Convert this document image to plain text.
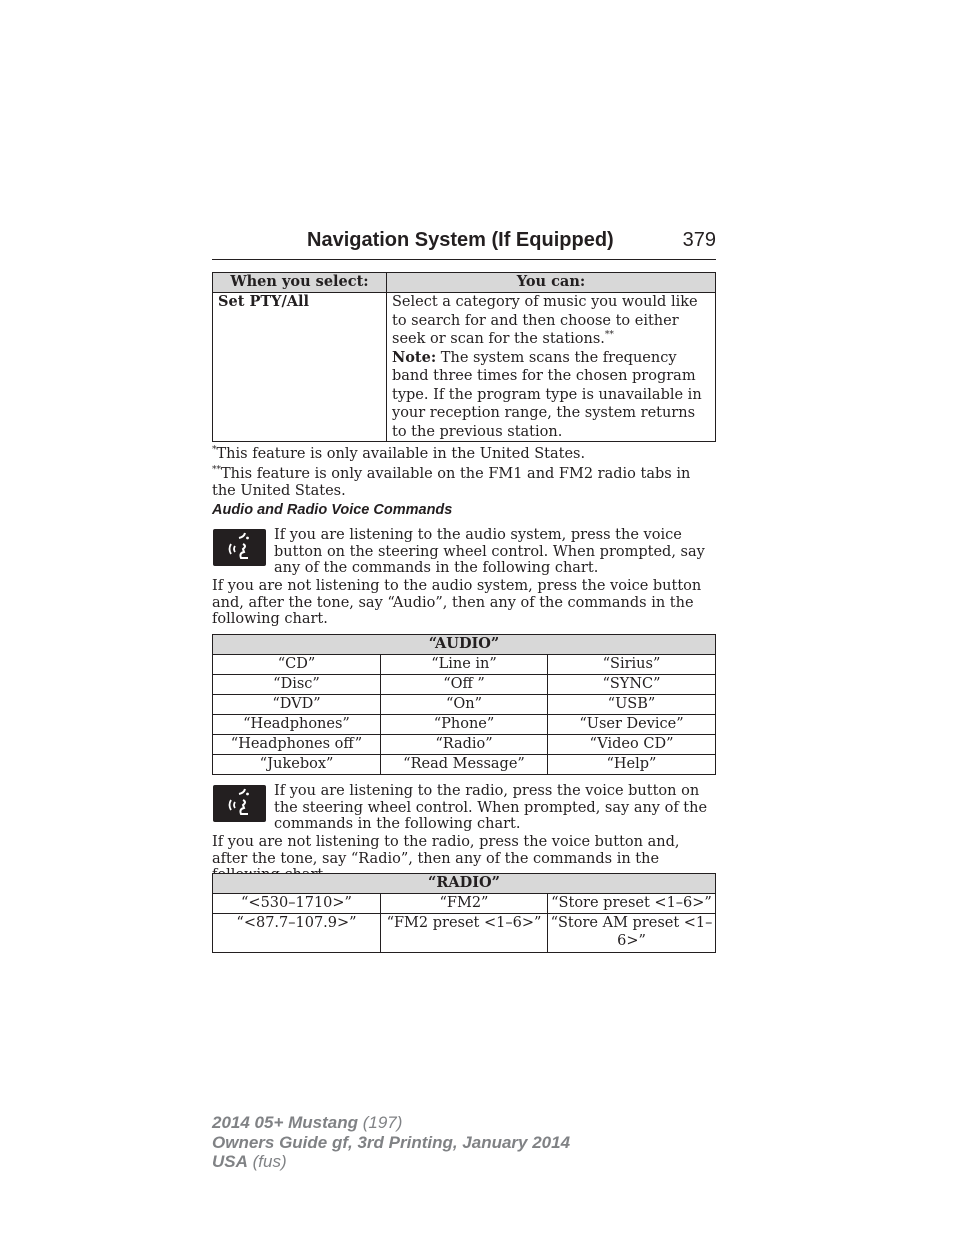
Navigation System (If Equipped)	379
When you select:	You can:
Set PTY/All	Select a category of music you would like to search for and then choose to either seek or scan for the stations.**
Note: The system scans the frequency band three times for the chosen program type. If the program type is unavailable in your reception range, the system returns to the previous station.
*This feature is only available in the United States.
**This feature is only available on the FM1 and FM2 radio tabs in the United States.
Audio and Radio Voice Commands
If you are listening to the audio system, press the voice button on the steering wheel control. When prompted, say any of the commands in the following chart.
If you are not listening to the audio system, press the voice button and, after the tone, say “Audio”, then any of the commands in the following chart.
“AUDIO”		
“CD”	“Line in”	“Sirius”
“Disc”	“Off ”	“SYNC”
“DVD”	“On”	“USB”
“Headphones”	“Phone”	“User Device”
“Headphones off”	“Radio”	“Video CD”
“Jukebox”	“Read Message”	“Help”
If you are listening to the radio, press the voice button on the steering wheel control. When prompted, say any of the commands in the following chart.
If you are not listening to the radio, press the voice button and, after the tone, say “Radio”, then any of the commands in the
“RADIO”		
“<530–1710>”	“FM2”	“Store preset <1–6>”
“<87.7–107.9>”	“FM2 preset <1–6>”	“Store AM preset <1–6>”
2014 05+ Mustang (197)
Owners Guide gf, 3rd Printing, January 2014
USA (fus)
